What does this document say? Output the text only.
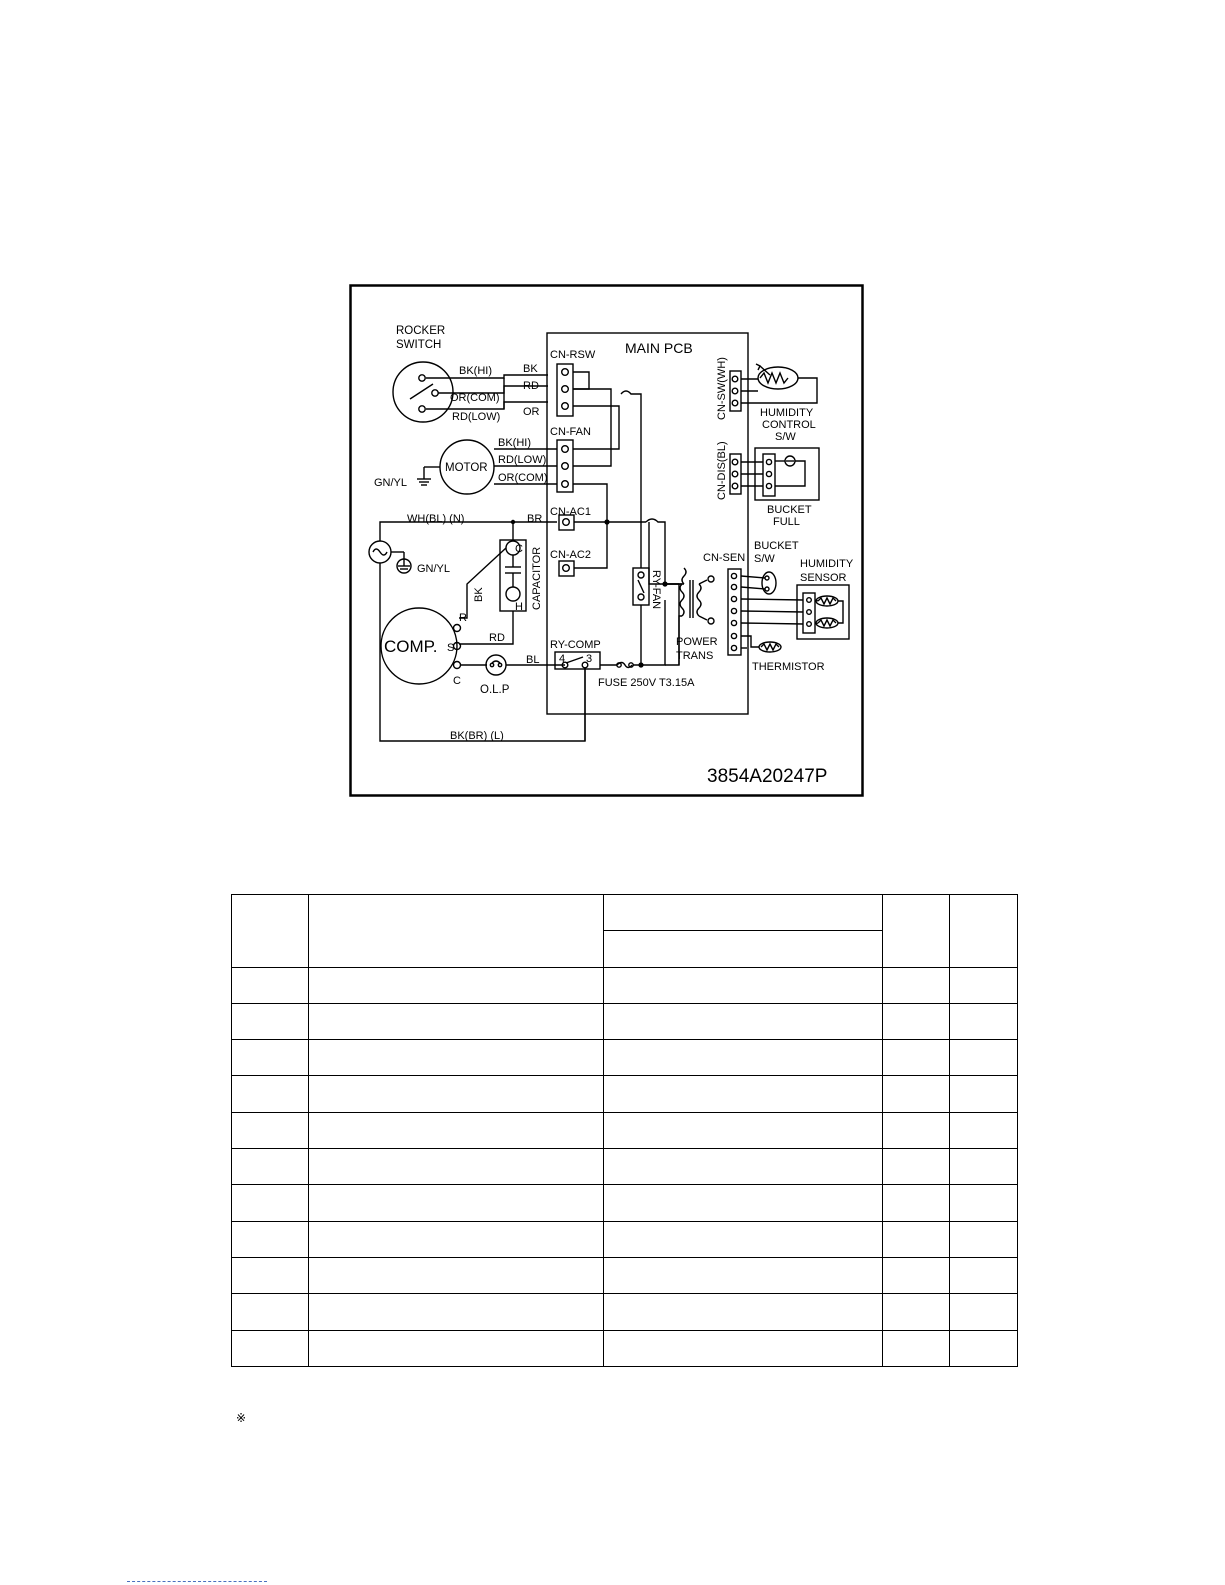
ROCKER
SWITCH	MAIN PCB
CN-RSW
BK(HI)
OR(COM)
RD(LOW)
BK
RD
OR
CN-FAN
BK(HI)
RD(LOW)
OR(COM)
MOTOR
GN/YL
WH(BL) (N)	BR
CN-AC1
CN-AC2
GN/YL
C
H CAPACITOR
BK
R
S
C
COMP.	RD
O.L.P
BL
RY-COMP
4 3
FUSE 250V T3.15A
BK(BR) (L)
RY-FAN
POWER
TRANS
CN-SEN
CN-SW(WH)
CN-DIS(BL)
HUMIDITY
CONTROL
S/W
BUCKET
FULL
BUCKET
S/W HUMIDITY
SENSOR
THERMISTOR
3854A20247P

※
